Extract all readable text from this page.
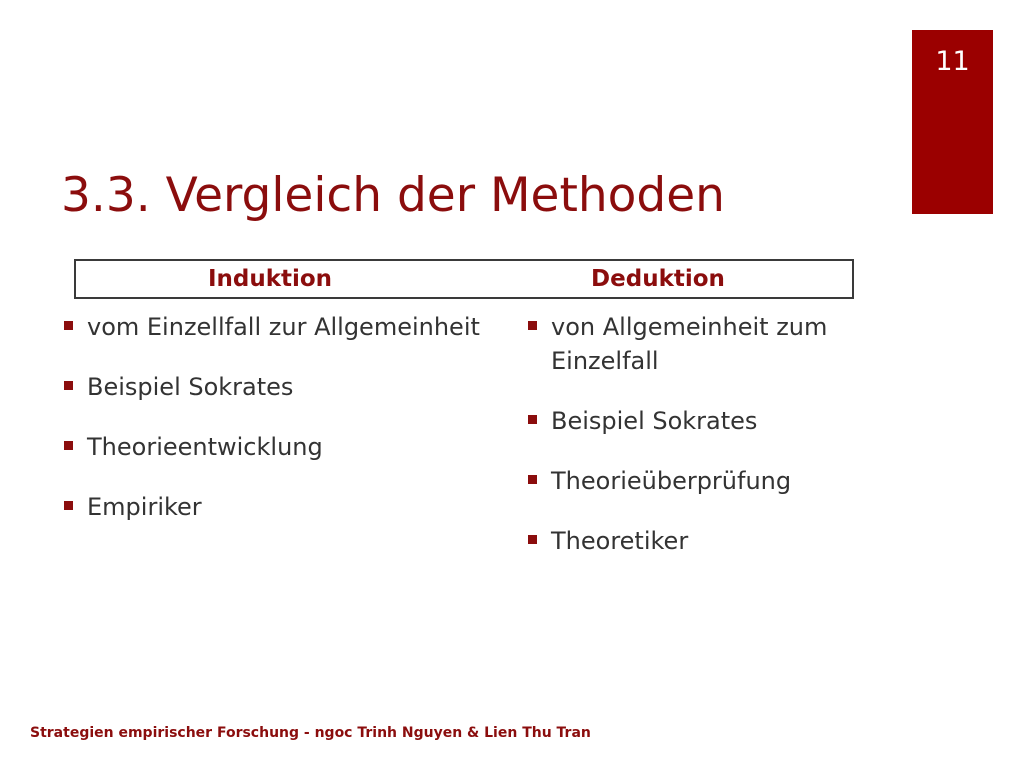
11
3.3. Vergleich der Methoden
Induktion	Deduktion
vom Einzellfall zur Allgemeinheit
Beispiel Sokrates
Theorieentwicklung
Empiriker
von Allgemeinheit zum Einzelfall
Beispiel Sokrates
Theorieüberprüfung
Theoretiker
Strategien empirischer Forschung - ngoc Trinh Nguyen & Lien Thu Tran
